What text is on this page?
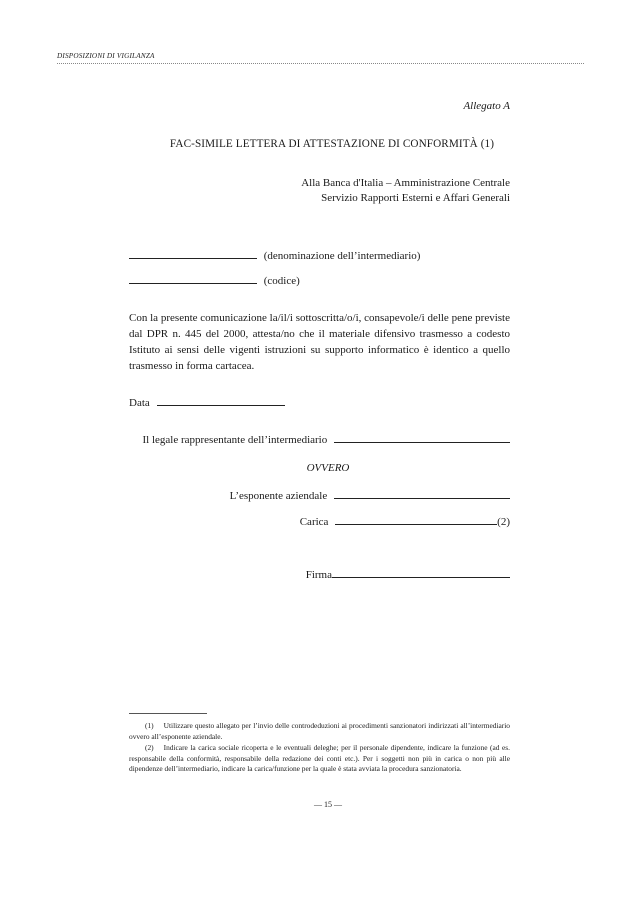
DISPOSIZIONI DI VIGILANZA
Allegato A
FAC-SIMILE LETTERA DI ATTESTAZIONE DI CONFORMITÀ (1)
Alla Banca d'Italia – Amministrazione Centrale
Servizio Rapporti Esterni e Affari Generali
(denominazione dell’intermediario)
(codice)
Con la presente comunicazione la/il/i sottoscritta/o/i, consapevole/i delle pene previste dal DPR n. 445 del 2000, attesta/no che il materiale difensivo trasmesso a codesto Istituto ai sensi delle vigenti istruzioni su supporto informatico è identico a quello trasmesso in forma cartacea.
Data
Il legale rappresentante dell’intermediario
OVVERO
L’esponente aziendale
Carica	(2)
Firma
(1) Utilizzare questo allegato per l’invio delle controdeduzioni ai procedimenti sanzionatori indirizzati all’intermediario ovvero all’esponente aziendale.
(2) Indicare la carica sociale ricoperta e le eventuali deleghe; per il personale dipendente, indicare la funzione (ad es. responsabile della conformità, responsabile della redazione dei conti etc.). Per i soggetti non più in carica o non più alle dipendenze dell’intermediario, indicare la carica/funzione per la quale è stata avviata la procedura sanzionatoria.
— 15 —
